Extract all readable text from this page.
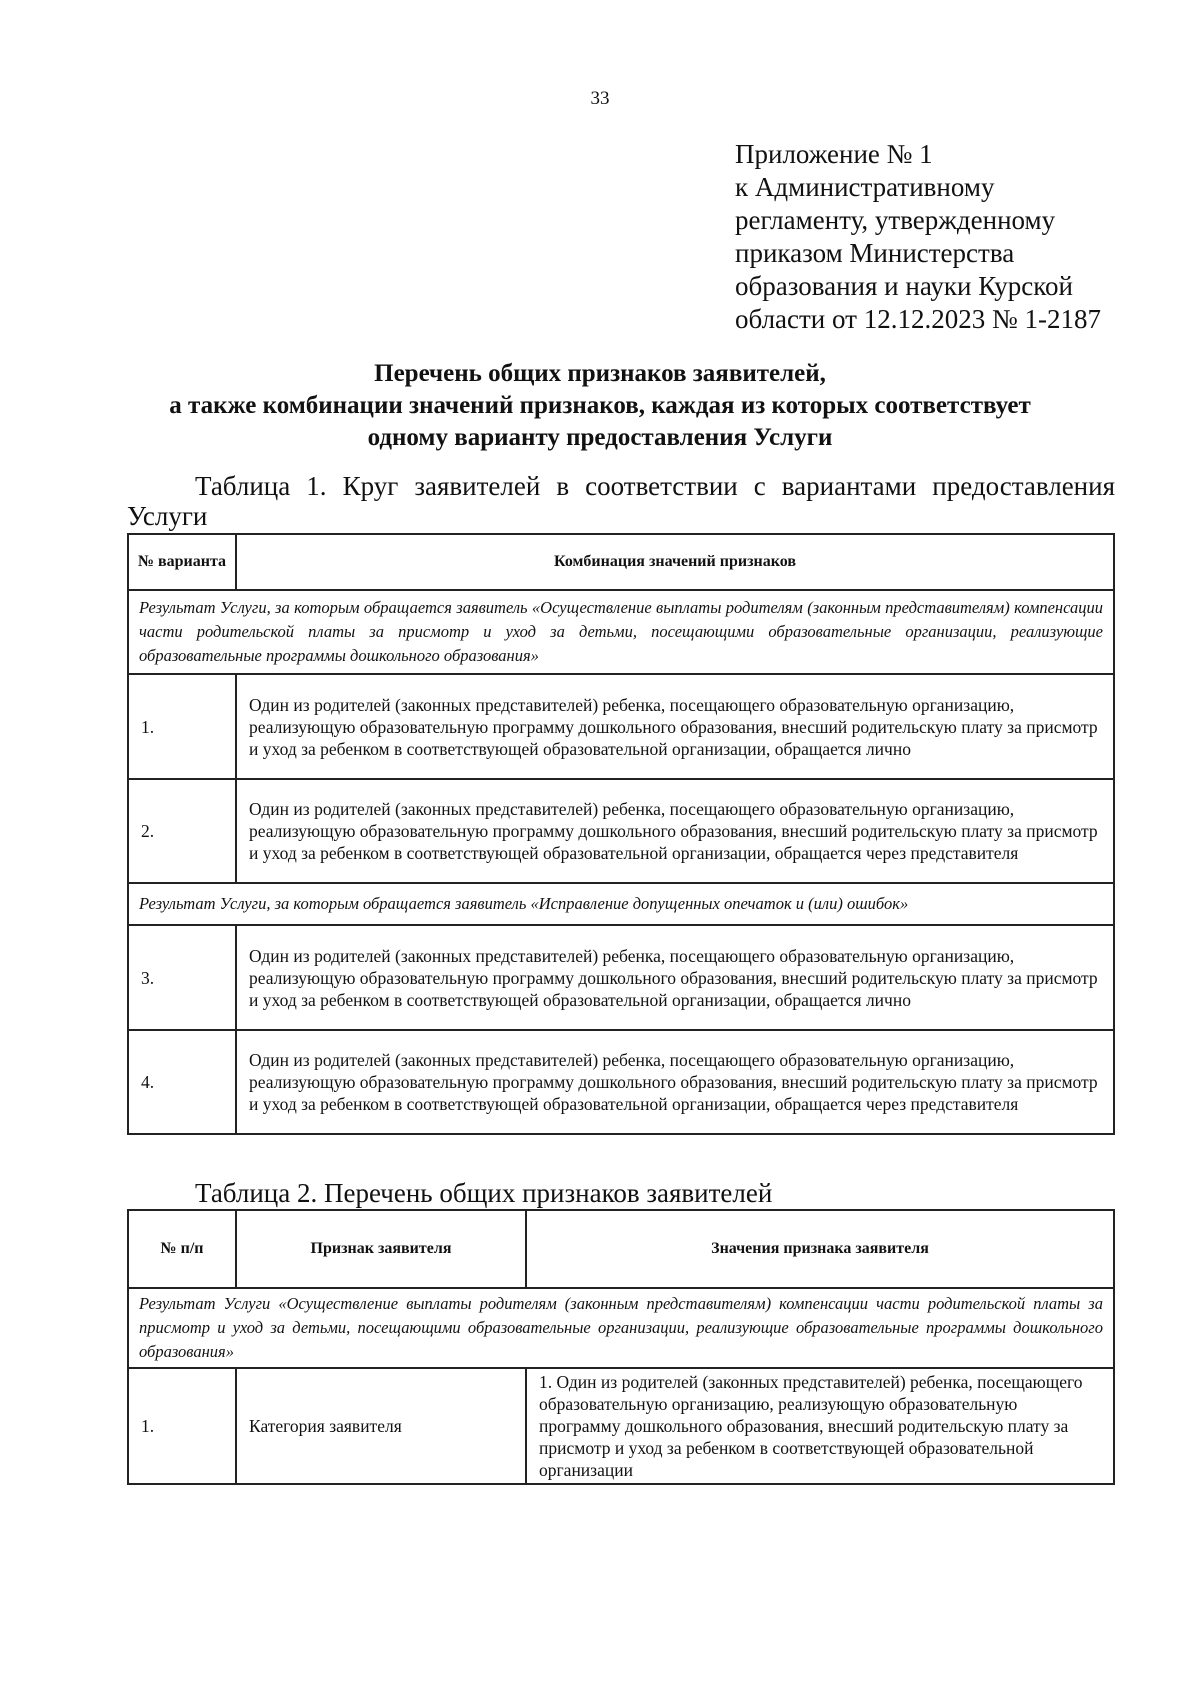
33
Приложение № 1
к Административному
регламенту, утвержденному
приказом Министерства
образования и науки Курской
области от 12.12.2023 № 1-2187
Перечень общих признаков заявителей,
а также комбинации значений признаков, каждая из которых соответствует
одному варианту предоставления Услуги
Таблица 1. Круг заявителей в соответствии с вариантами предоставления Услуги
№ варианта	Комбинация значений признаков
Результат Услуги, за которым обращается заявитель «Осуществление выплаты родителям (законным представителям) компенсации части родительской платы за присмотр и уход за детьми, посещающими образовательные организации, реализующие образовательные программы дошкольного образования»	
1.	Один из родителей (законных представителей) ребенка, посещающего образовательную организацию, реализующую образовательную программу дошкольного образования, внесший родительскую плату за присмотр и уход за ребенком в соответствующей образовательной организации, обращается лично
2.	Один из родителей (законных представителей) ребенка, посещающего образовательную организацию, реализующую образовательную программу дошкольного образования, внесший родительскую плату за присмотр и уход за ребенком в соответствующей образовательной организации, обращается через представителя
Результат Услуги, за которым обращается заявитель «Исправление допущенных опечаток и (или) ошибок»	
3.	Один из родителей (законных представителей) ребенка, посещающего образовательную организацию, реализующую образовательную программу дошкольного образования, внесший родительскую плату за присмотр и уход за ребенком в соответствующей образовательной организации, обращается лично
4.	Один из родителей (законных представителей) ребенка, посещающего образовательную организацию, реализующую образовательную программу дошкольного образования, внесший родительскую плату за присмотр и уход за ребенком в соответствующей образовательной организации, обращается через представителя
Таблица 2. Перечень общих признаков заявителей
№ п/п	Признак заявителя	Значения признака заявителя
Результат Услуги «Осуществление выплаты родителям (законным представителям) компенсации части родительской платы за присмотр и уход за детьми, посещающими образовательные организации, реализующие образовательные программы дошкольного образования»		
1.	Категория заявителя	1. Один из родителей (законных представителей) ребенка, посещающего образовательную организацию, реализующую образовательную программу дошкольного образования, внесший родительскую плату за присмотр и уход за ребенком в соответствующей образовательной организации
